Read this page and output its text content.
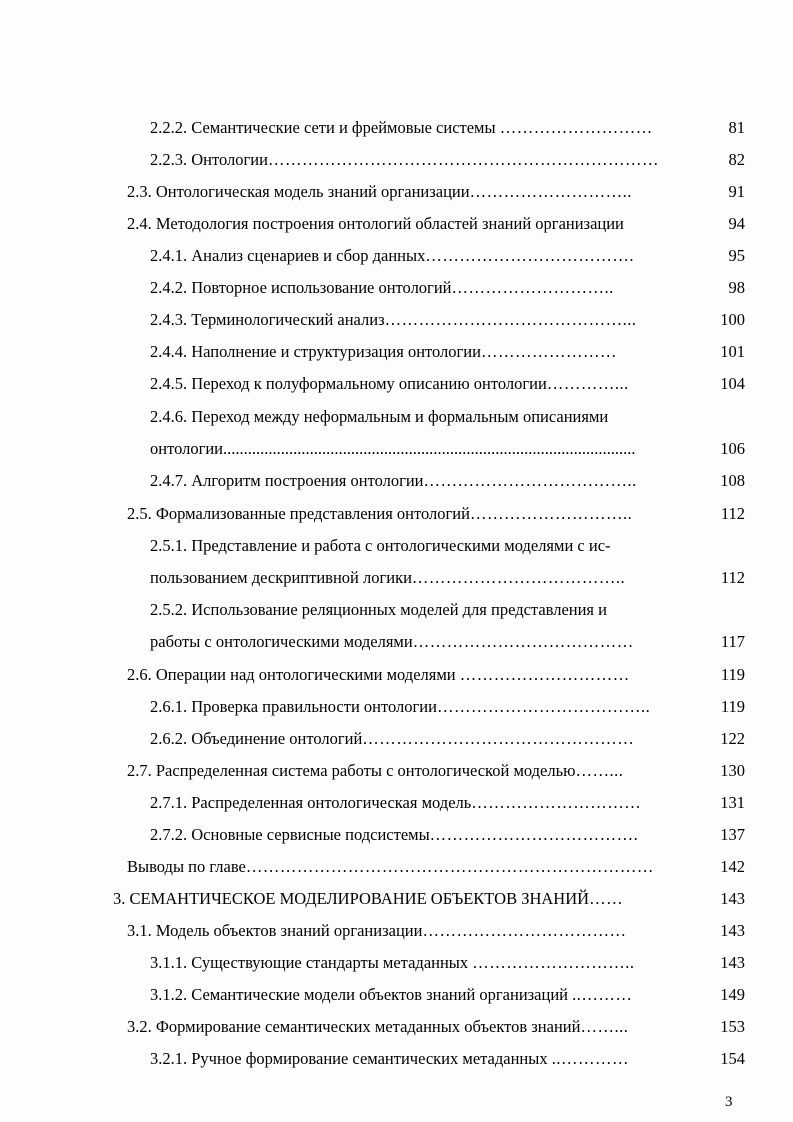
2.2.2. Семантические сети и фреймовые системы ………………………	81
2.2.3. Онтологии……………………………………………………………	82
2.3. Онтологическая модель знаний организации………………………..	91
2.4. Методология построения онтологий областей знаний организации	94
2.4.1. Анализ сценариев и сбор данных……………………………….	95
2.4.2. Повторное использование онтологий………………………..	98
2.4.3. Терминологический анализ……………………………………...	100
2.4.4. Наполнение и структуризация онтологии……………………	101
2.4.5. Переход к полуформальному описанию онтологии…………...	104
2.4.6. Переход между неформальным и формальным описаниями
онтологии....................................................................................................	106
2.4.7. Алгоритм построения онтологии………………………………..	108
2.5. Формализованные представления онтологий………………………..	112
2.5.1. Представление и работа с онтологическими моделями с ис-
пользованием дескриптивной логики………………………………..	112
2.5.2. Использование реляционных моделей для представления и
работы с онтологическими моделями…………………………………	117
2.6. Операции над онтологическими моделями …………………………	119
2.6.1. Проверка правильности онтологии………………………………..	119
2.6.2. Объединение онтологий…………………………………………	122
2.7. Распределенная система работы с онтологической моделью……...	130
2.7.1. Распределенная онтологическая модель…………………………	131
2.7.2. Основные сервисные подсистемы……………………………….	137
Выводы по главе………………………………………………………………	142
3. СЕМАНТИЧЕСКОЕ МОДЕЛИРОВАНИЕ ОБЪЕКТОВ ЗНАНИЙ……	143
3.1. Модель объектов знаний организации………………………………	143
3.1.1. Существующие стандарты метаданных ………………………..	143
3.1.2. Семантические модели объектов знаний организаций ..………	149
3.2. Формирование семантических метаданных объектов знаний……...	153
3.2.1. Ручное формирование семантических метаданных ..…………	154
3
